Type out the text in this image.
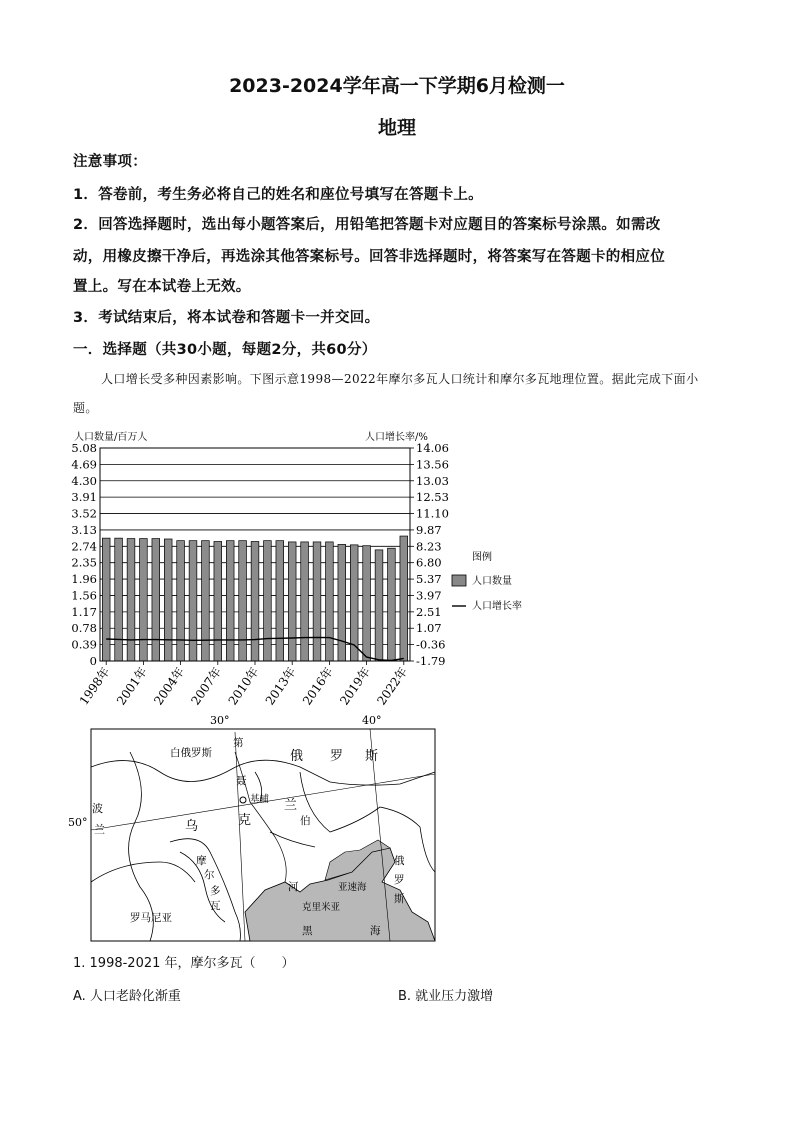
2023-2024学年高一下学期6月检测一
地理
注意事项：
1．答卷前，考生务必将自己的姓名和座位号填写在答题卡上。
2．回答选择题时，选出每小题答案后，用铅笔把答题卡对应题目的答案标号涂黑。如需改
动，用橡皮擦干净后，再选涂其他答案标号。回答非选择题时，将答案写在答题卡的相应位
置上。写在本试卷上无效。
3．考试结束后，将本试卷和答题卡一并交回。
一．选择题（共30小题，每题2分，共60分）
人口增长受多种因素影响。下图示意1998—2022年摩尔多瓦人口统计和摩尔多瓦地理位置。据此完成下面小题。
人口数量/百万人	人口增长率/%
5.08
4.69
4.30
3.91
3.52
3.13
2.74
2.35
1.96
1.56
1.17
0.78
0.39
0
14.06
13.56
13.03
12.53
11.10
9.87
8.23
6.80
5.37
3.97
2.51
1.07
-0.36
-1.79
1998年 2001年 2004年 2007年 2010年 2013年 2016年 2019年 2022年
图例
人口数量
人口增长率
30°	40°
50°
白俄罗斯	俄 罗 斯
第
聂
伯
河
基辅
波
兰	乌	克
兰
摩
尔
多
瓦
罗马尼亚
亚速海
克里米亚
俄
罗
斯
黑	海
1. 1998-2021 年，摩尔多瓦（　　）
A. 人口老龄化渐重	B. 就业压力激增
